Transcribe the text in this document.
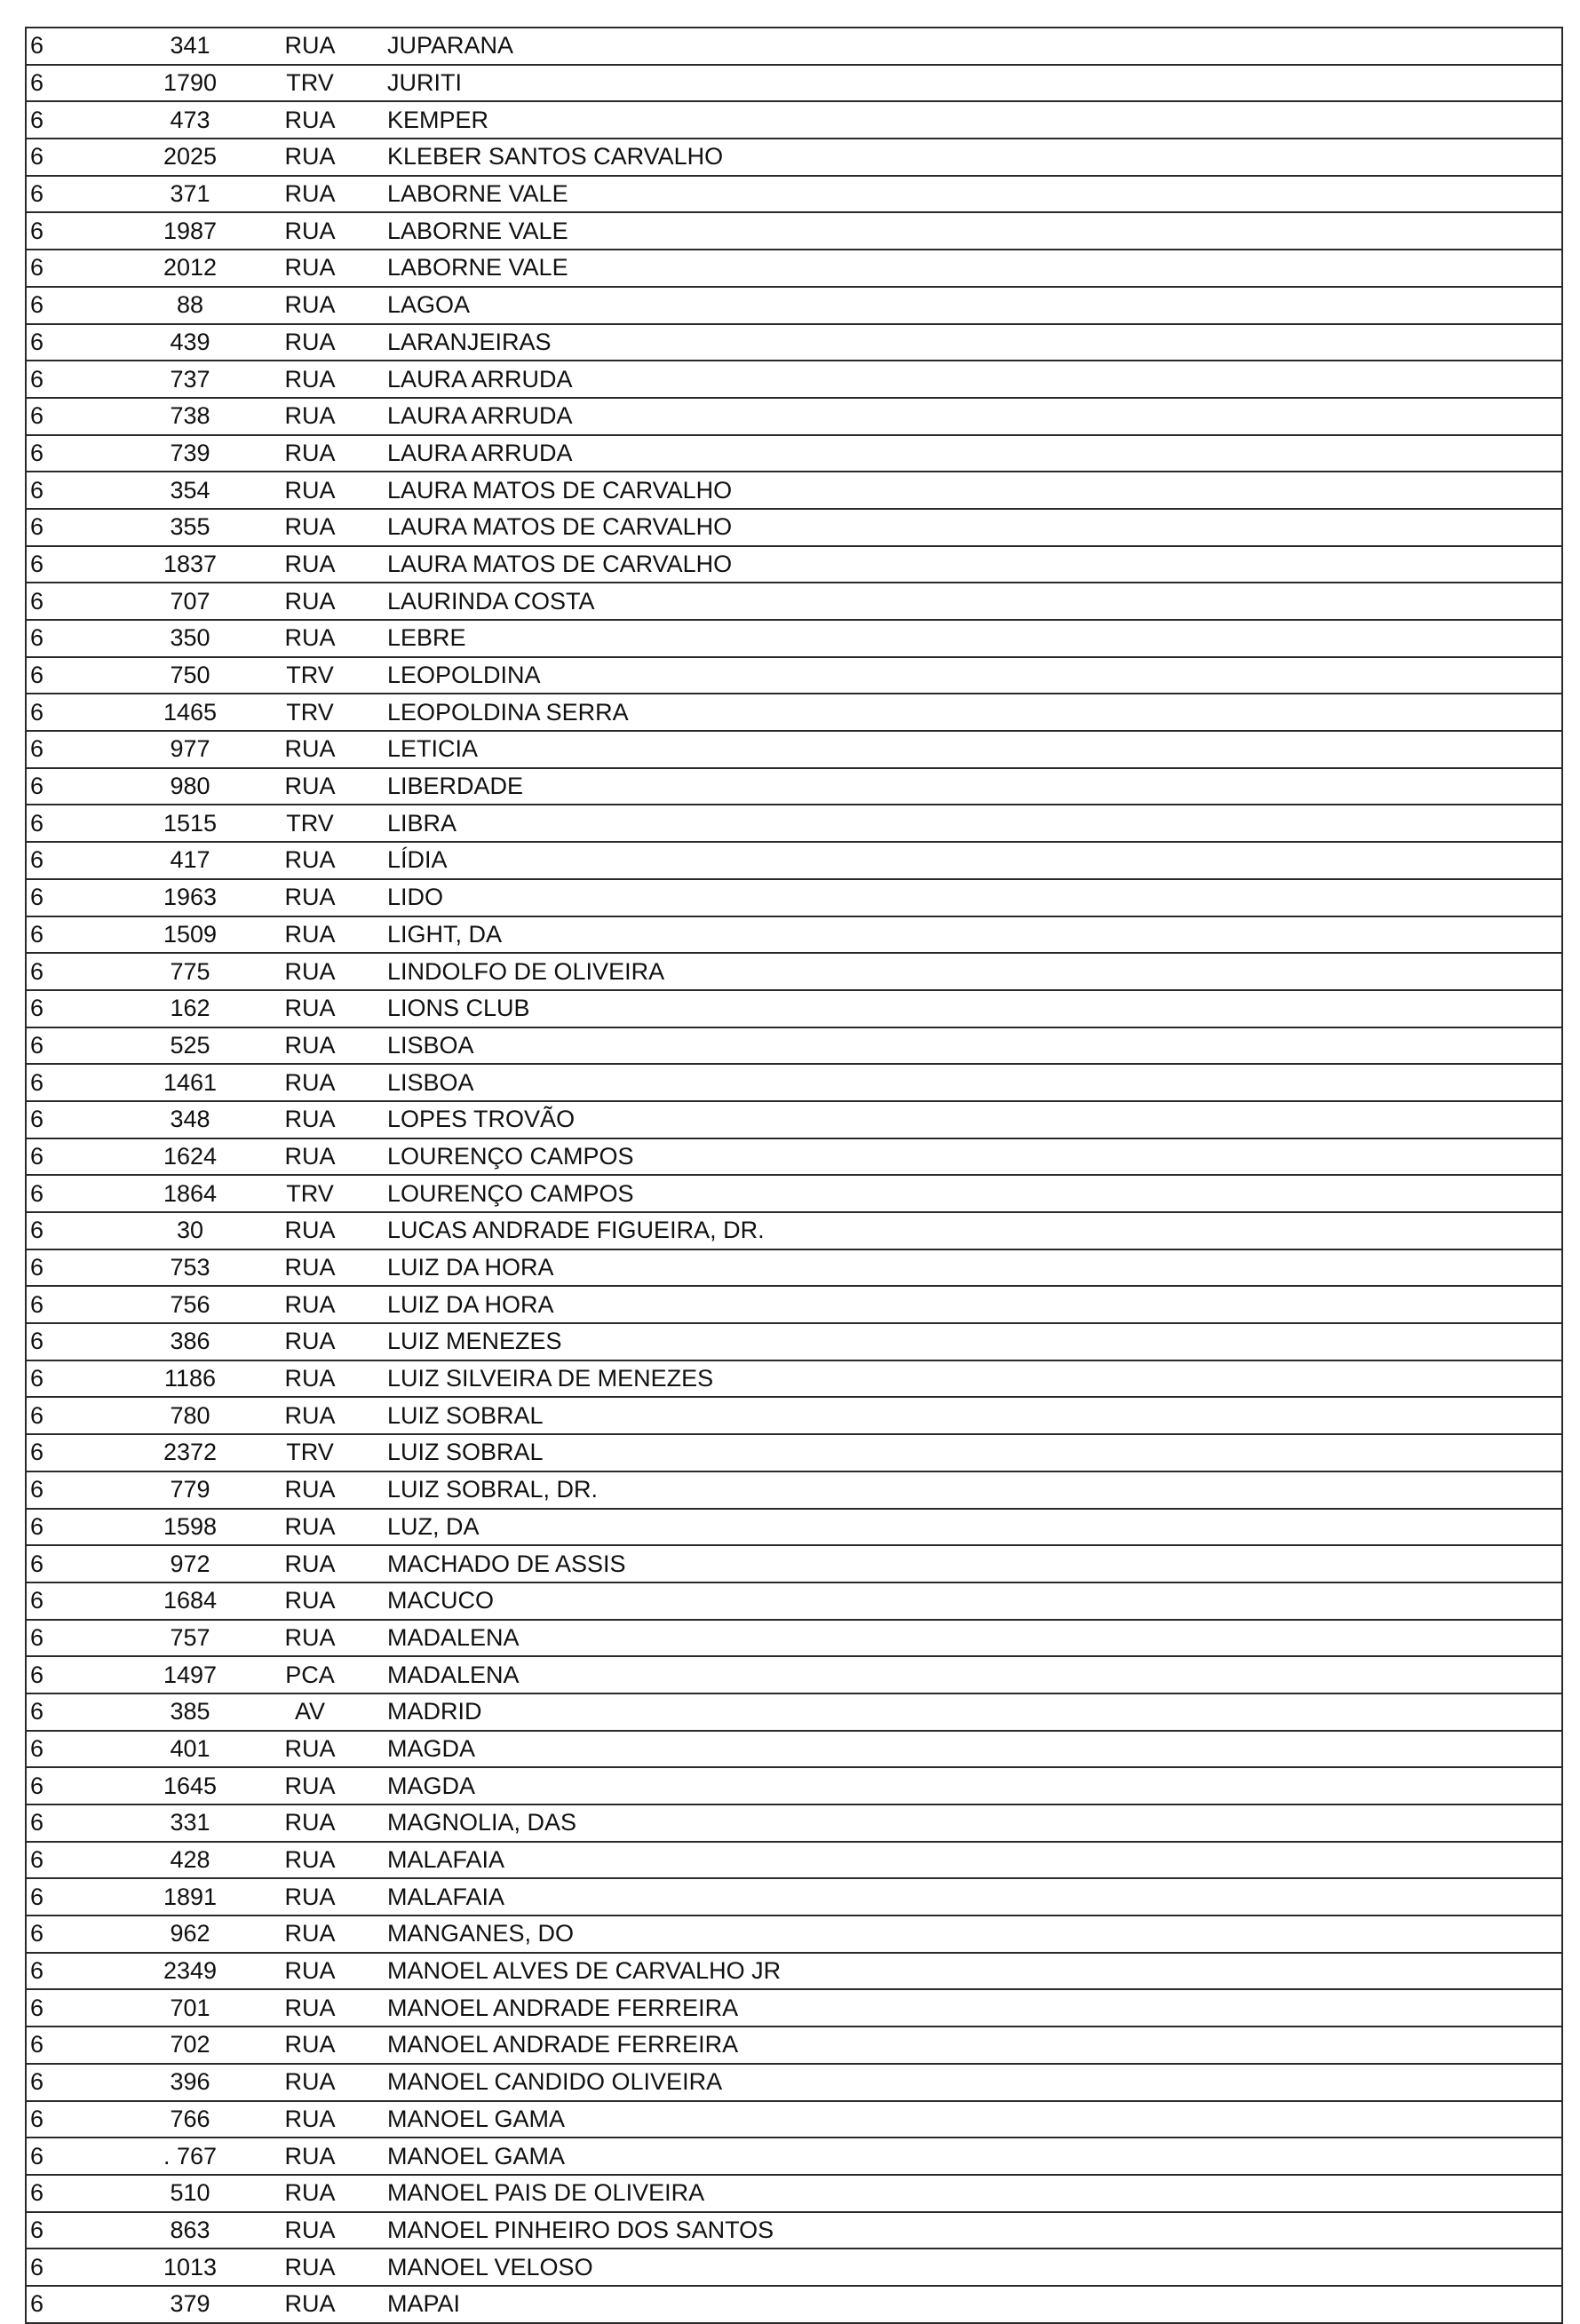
6	341	RUA	JUPARANA
6	1790	TRV	JURITI
6	473	RUA	KEMPER
6	2025	RUA	KLEBER SANTOS CARVALHO
6	371	RUA	LABORNE VALE
6	1987	RUA	LABORNE VALE
6	2012	RUA	LABORNE VALE
6	88	RUA	LAGOA
6	439	RUA	LARANJEIRAS
6	737	RUA	LAURA ARRUDA
6	738	RUA	LAURA ARRUDA
6	739	RUA	LAURA ARRUDA
6	354	RUA	LAURA MATOS DE CARVALHO
6	355	RUA	LAURA MATOS DE CARVALHO
6	1837	RUA	LAURA MATOS DE CARVALHO
6	707	RUA	LAURINDA COSTA
6	350	RUA	LEBRE
6	750	TRV	LEOPOLDINA
6	1465	TRV	LEOPOLDINA SERRA
6	977	RUA	LETICIA
6	980	RUA	LIBERDADE
6	1515	TRV	LIBRA
6	417	RUA	LÍDIA
6	1963	RUA	LIDO
6	1509	RUA	LIGHT, DA
6	775	RUA	LINDOLFO DE OLIVEIRA
6	162	RUA	LIONS CLUB
6	525	RUA	LISBOA
6	1461	RUA	LISBOA
6	348	RUA	LOPES TROVÃO
6	1624	RUA	LOURENÇO CAMPOS
6	1864	TRV	LOURENÇO CAMPOS
6	30	RUA	LUCAS ANDRADE FIGUEIRA, DR.
6	753	RUA	LUIZ DA HORA
6	756	RUA	LUIZ DA HORA
6	386	RUA	LUIZ MENEZES
6	1186	RUA	LUIZ SILVEIRA DE MENEZES
6	780	RUA	LUIZ SOBRAL
6	2372	TRV	LUIZ SOBRAL
6	779	RUA	LUIZ SOBRAL, DR.
6	1598	RUA	LUZ, DA
6	972	RUA	MACHADO DE ASSIS
6	1684	RUA	MACUCO
6	757	RUA	MADALENA
6	1497	PCA	MADALENA
6	385	AV	MADRID
6	401	RUA	MAGDA
6	1645	RUA	MAGDA
6	331	RUA	MAGNOLIA, DAS
6	428	RUA	MALAFAIA
6	1891	RUA	MALAFAIA
6	962	RUA	MANGANES, DO
6	2349	RUA	MANOEL ALVES DE CARVALHO JR
6	701	RUA	MANOEL ANDRADE FERREIRA
6	702	RUA	MANOEL ANDRADE FERREIRA
6	396	RUA	MANOEL CANDIDO OLIVEIRA
6	766	RUA	MANOEL GAMA
6	. 767	RUA	MANOEL GAMA
6	510	RUA	MANOEL PAIS DE OLIVEIRA
6	863	RUA	MANOEL PINHEIRO DOS SANTOS
6	1013	RUA	MANOEL VELOSO
6	379	RUA	MAPAI
